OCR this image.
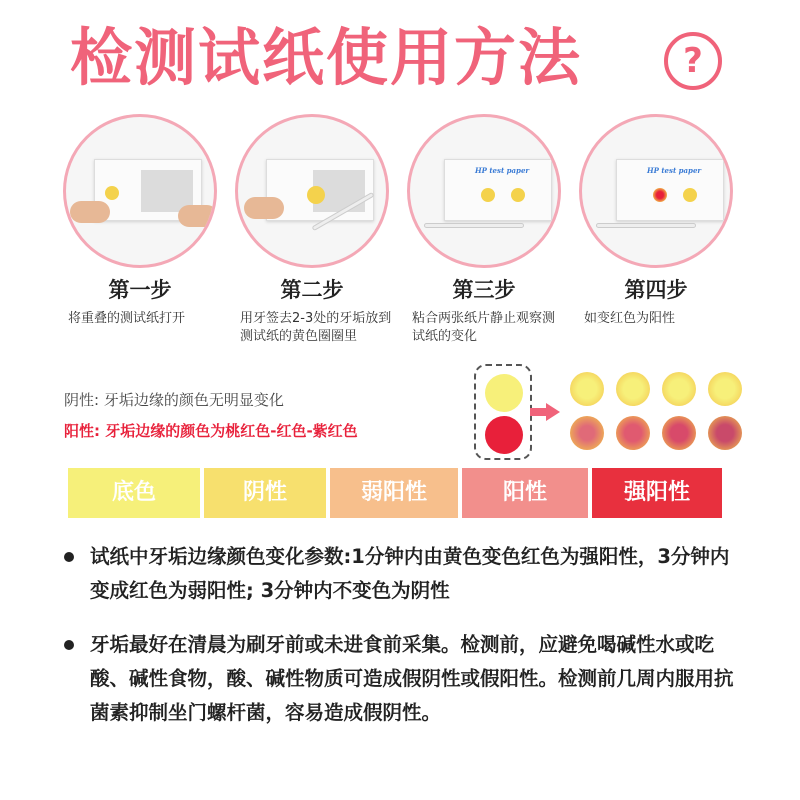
检测试纸使用方法	?
第一步
将重叠的测试纸打开
第二步
用牙签去2-3处的牙垢放到测试纸的黄色圈圈里
HP test paper
第三步
粘合两张纸片静止观察测试纸的变化
HP test paper
第四步
如变红色为阳性
阴性: 牙垢边缘的颜色无明显变化
阳性: 牙垢边缘的颜色为桃红色-红色-紫红色
底色	阴性	弱阳性	阳性	强阳性
试纸中牙垢边缘颜色变化参数:1分钟内由黄色变色红色为强阳性，3分钟内变成红色为弱阳性; 3分钟内不变色为阴性
牙垢最好在清晨为刷牙前或未进食前采集。检测前，应避免喝碱性水或吃酸、碱性食物，酸、碱性物质可造成假阴性或假阳性。检测前几周内服用抗菌素抑制坐门螺杆菌，容易造成假阴性。
